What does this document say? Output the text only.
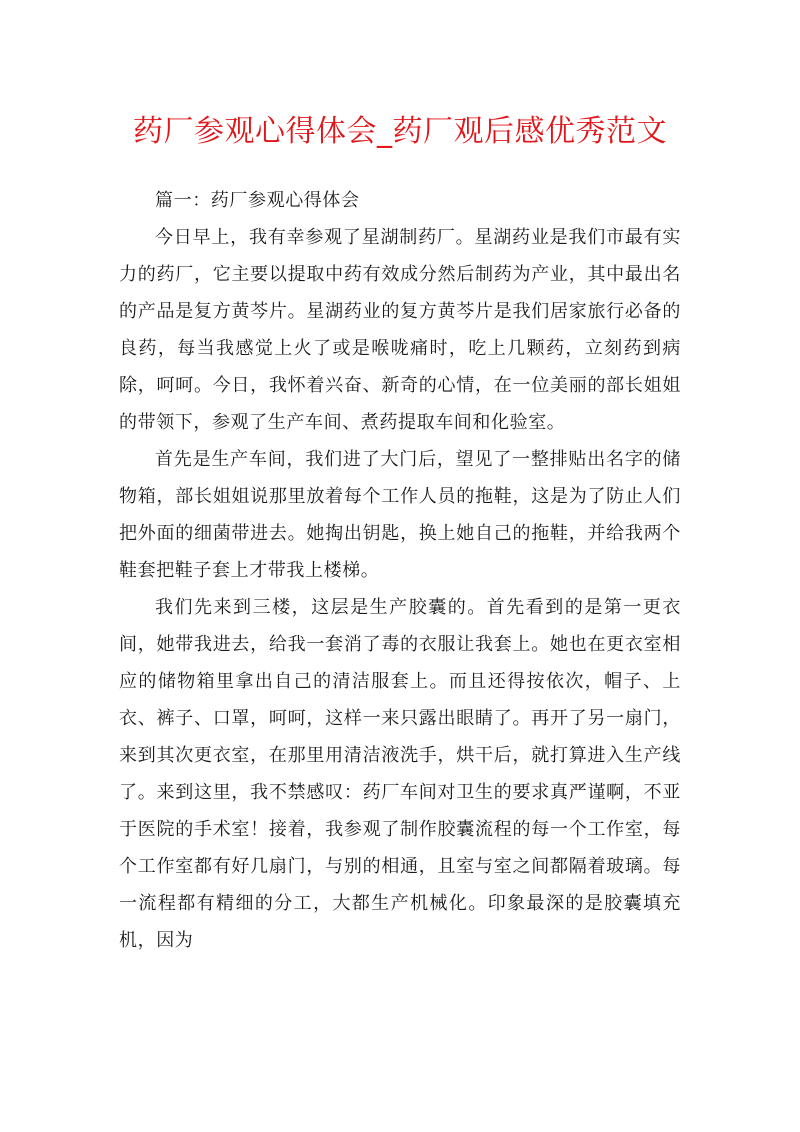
药厂参观心得体会_药厂观后感优秀范文

篇一：药厂参观心得体会

今日早上，我有幸参观了星湖制药厂。星湖药业是我们市最有实力的药厂，它主要以提取中药有效成分然后制药为产业，其中最出名的产品是复方黄芩片。星湖药业的复方黄芩片是我们居家旅行必备的良药，每当我感觉上火了或是喉咙痛时，吃上几颗药，立刻药到病除，呵呵。今日，我怀着兴奋、新奇的心情，在一位美丽的部长姐姐的带领下，参观了生产车间、煮药提取车间和化验室。

首先是生产车间，我们进了大门后，望见了一整排贴出名字的储物箱，部长姐姐说那里放着每个工作人员的拖鞋，这是为了防止人们把外面的细菌带进去。她掏出钥匙，换上她自己的拖鞋，并给我两个鞋套把鞋子套上才带我上楼梯。

我们先来到三楼，这层是生产胶囊的。首先看到的是第一更衣间，她带我进去，给我一套消了毒的衣服让我套上。她也在更衣室相应的储物箱里拿出自己的清洁服套上。而且还得按依次，帽子、上衣、裤子、口罩，呵呵，这样一来只露出眼睛了。再开了另一扇门，来到其次更衣室，在那里用清洁液洗手，烘干后，就打算进入生产线了。来到这里，我不禁感叹：药厂车间对卫生的要求真严谨啊，不亚于医院的手术室！接着，我参观了制作胶囊流程的每一个工作室，每个工作室都有好几扇门，与别的相通，且室与室之间都隔着玻璃。每一流程都有精细的分工，大都生产机械化。印象最深的是胶囊填充机，因为
